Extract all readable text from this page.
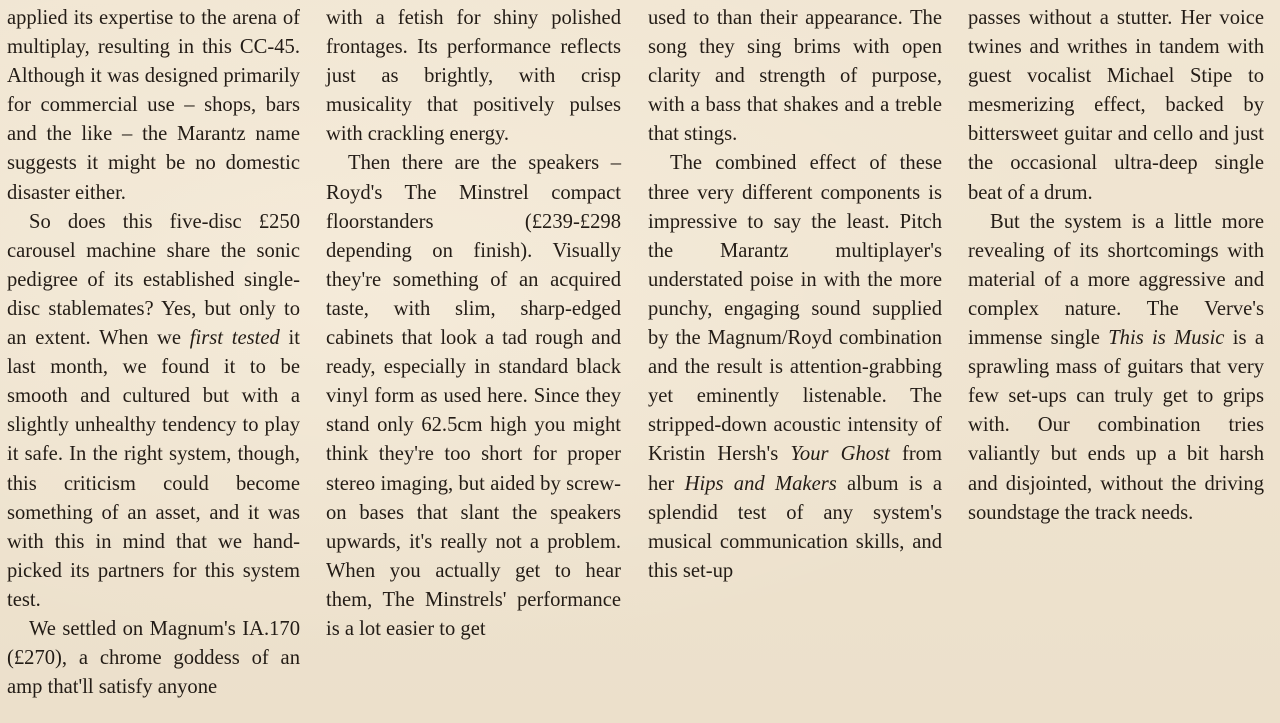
applied its expertise to the arena of multiplay, resulting in this CC-45. Although it was designed primarily for commercial use – shops, bars and the like – the Marantz name suggests it might be no domestic disaster either.

So does this five-disc £250 carousel machine share the sonic pedigree of its established single-disc stablemates? Yes, but only to an extent. When we first tested it last month, we found it to be smooth and cultured but with a slightly unhealthy tendency to play it safe. In the right system, though, this criticism could become something of an asset, and it was with this in mind that we hand-picked its partners for this system test.

We settled on Magnum's IA.170 (£270), a chrome goddess of an amp that'll satisfy anyone

with a fetish for shiny polished frontages. Its performance reflects just as brightly, with crisp musicality that positively pulses with crackling energy.

Then there are the speakers – Royd's The Minstrel compact floorstanders (£239-£298 depending on finish). Visually they're something of an acquired taste, with slim, sharp-edged cabinets that look a tad rough and ready, especially in standard black vinyl form as used here. Since they stand only 62.5cm high you might think they're too short for proper stereo imaging, but aided by screw-on bases that slant the speakers upwards, it's really not a problem. When you actually get to hear them, The Minstrels' performance is a lot easier to get

used to than their appearance. The song they sing brims with open clarity and strength of purpose, with a bass that shakes and a treble that stings.

The combined effect of these three very different components is impressive to say the least. Pitch the Marantz multiplayer's understated poise in with the more punchy, engaging sound supplied by the Magnum/Royd combination and the result is attention-grabbing yet eminently listenable. The stripped-down acoustic intensity of Kristin Hersh's Your Ghost from her Hips and Makers album is a splendid test of any system's musical communication skills, and this set-up

passes without a stutter. Her voice twines and writhes in tandem with guest vocalist Michael Stipe to mesmerizing effect, backed by bittersweet guitar and cello and just the occasional ultra-deep single beat of a drum.

But the system is a little more revealing of its shortcomings with material of a more aggressive and complex nature. The Verve's immense single This is Music is a sprawling mass of guitars that very few set-ups can truly get to grips with. Our combination tries valiantly but ends up a bit harsh and disjointed, without the driving soundstage the track needs.
